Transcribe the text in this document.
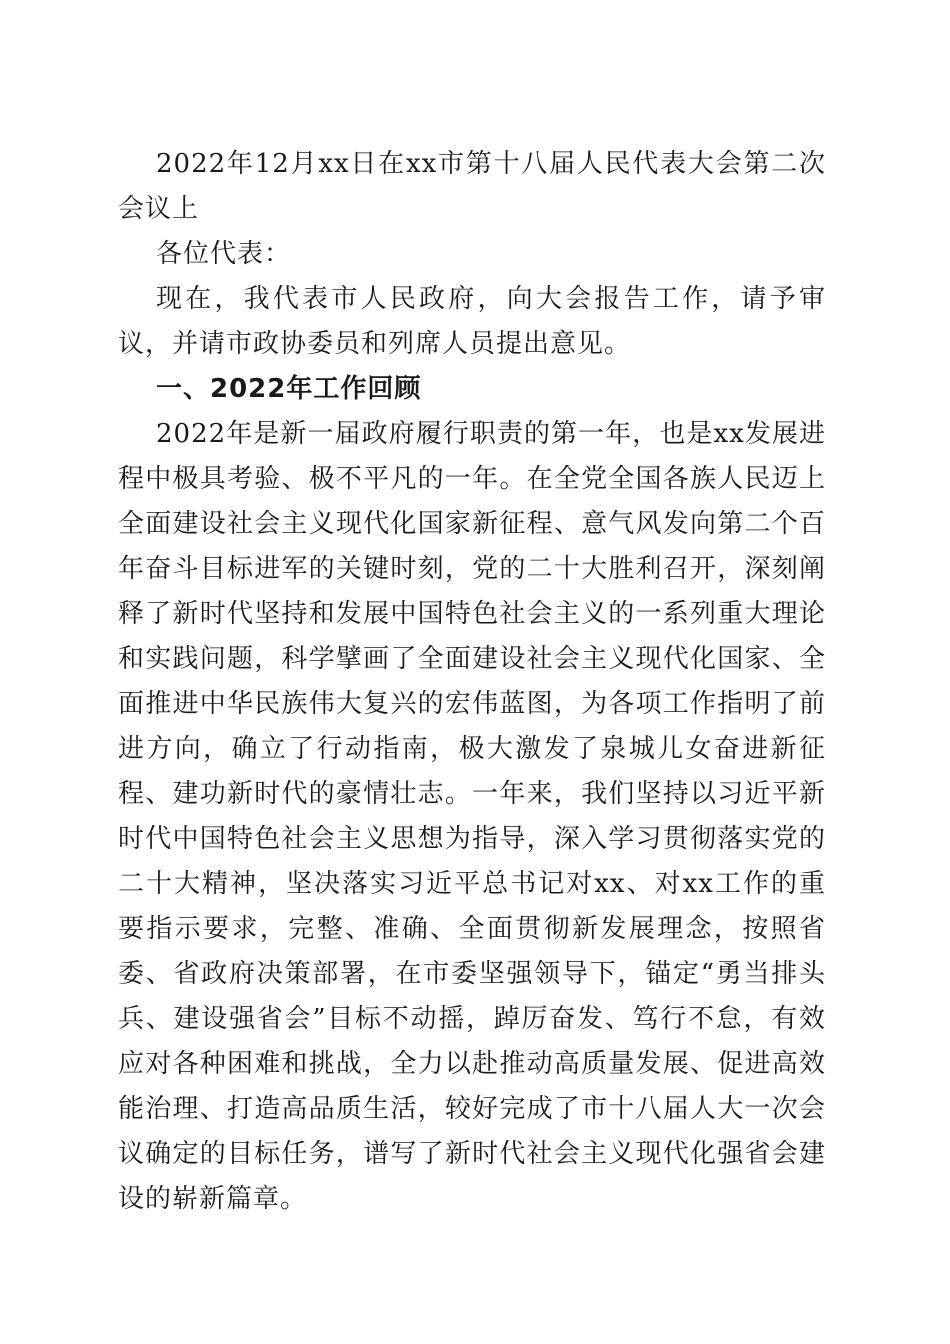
2022年12月xx日在xx市第十八届人民代表大会第二次会议上

各位代表：

现在，我代表市人民政府，向大会报告工作，请予审议，并请市政协委员和列席人员提出意见。

一、2022年工作回顾

2022年是新一届政府履行职责的第一年，也是xx发展进程中极具考验、极不平凡的一年。在全党全国各族人民迈上全面建设社会主义现代化国家新征程、意气风发向第二个百年奋斗目标进军的关键时刻，党的二十大胜利召开，深刻阐释了新时代坚持和发展中国特色社会主义的一系列重大理论和实践问题，科学擘画了全面建设社会主义现代化国家、全面推进中华民族伟大复兴的宏伟蓝图，为各项工作指明了前进方向，确立了行动指南，极大激发了泉城儿女奋进新征程、建功新时代的豪情壮志。一年来，我们坚持以习近平新时代中国特色社会主义思想为指导，深入学习贯彻落实党的二十大精神，坚决落实习近平总书记对xx、对xx工作的重要指示要求，完整、准确、全面贯彻新发展理念，按照省委、省政府决策部署，在市委坚强领导下，锚定“勇当排头兵、建设强省会”目标不动摇，踔厉奋发、笃行不怠，有效应对各种困难和挑战，全力以赴推动高质量发展、促进高效能治理、打造高品质生活，较好完成了市十八届人大一次会议确定的目标任务，谱写了新时代社会主义现代化强省会建设的崭新篇章。
